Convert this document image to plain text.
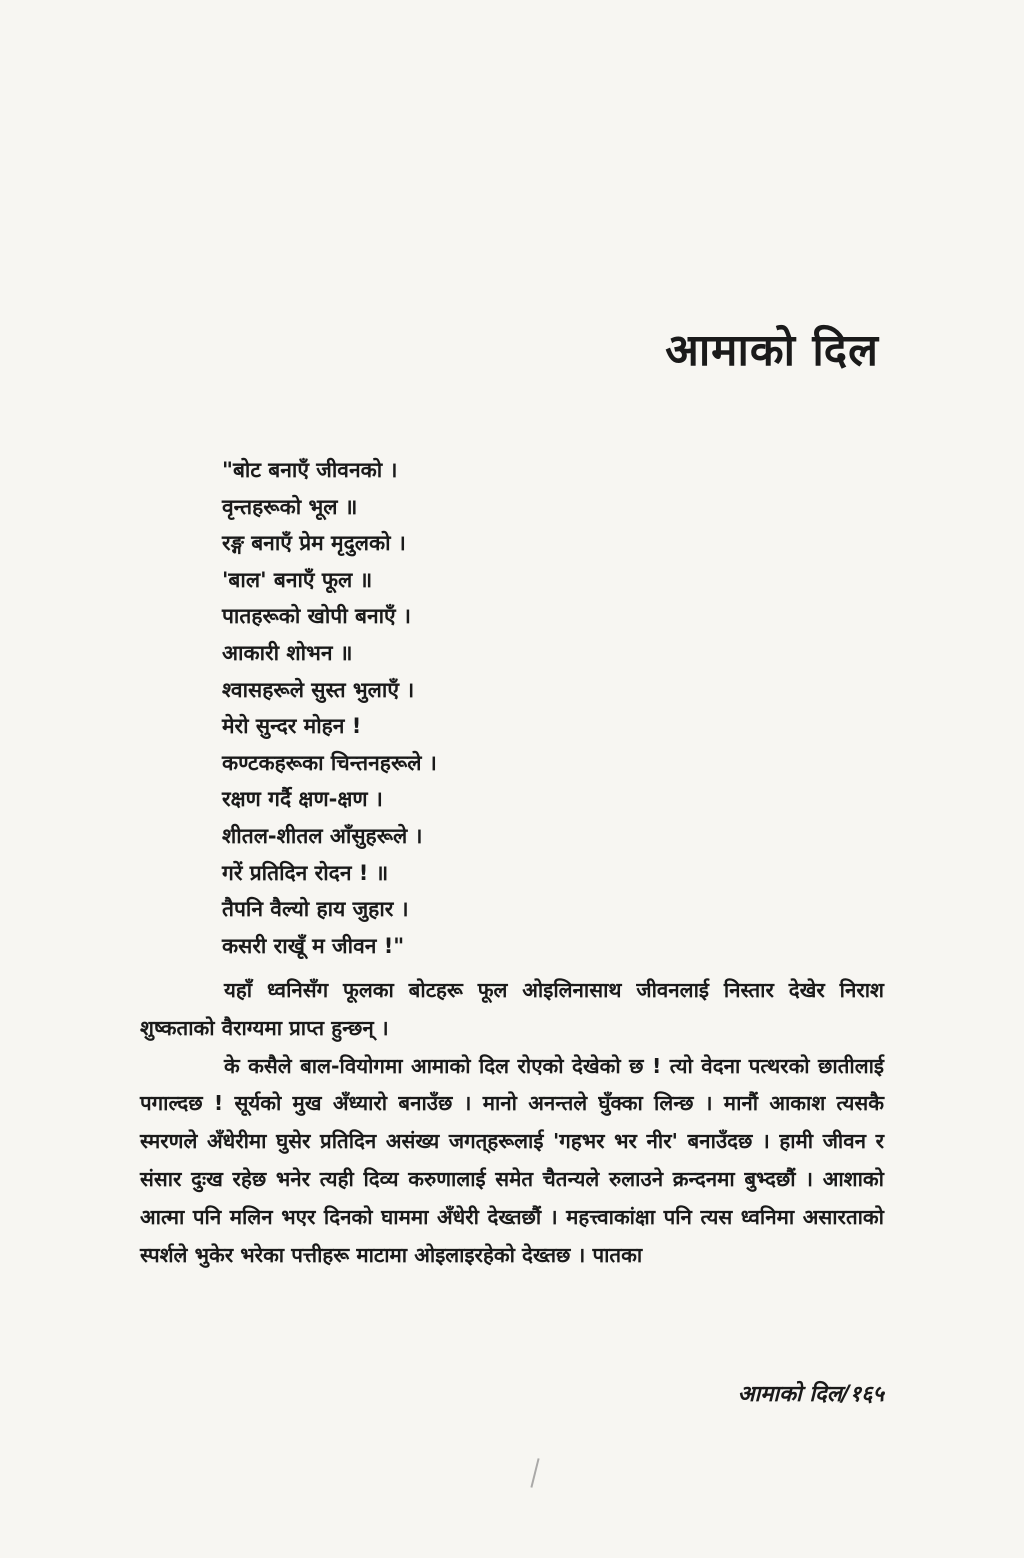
आमाको दिल
"बोट बनाएँ जीवनको ।
वृन्तहरूको भूल ॥
रङ्ग बनाएँ प्रेम मृदुलको ।
'बाल' बनाएँ फूल ॥
पातहरूको खोपी बनाएँ ।
आकारी शोभन ॥
श्वासहरूले सुस्त भुलाएँ ।
मेरो सुन्दर मोहन !
कण्टकहरूका चिन्तनहरूले ।
रक्षण गर्दै क्षण-क्षण ।
शीतल-शीतल आँसुहरूले ।
गरें प्रतिदिन रोदन ! ॥
तैपनि वैल्यो हाय जुहार ।
कसरी राखूँ म जीवन !"

यहाँ ध्वनिसँग फूलका बोटहरू फूल ओइलिनासाथ जीवनलाई निस्तार देखेर निराश शुष्कताको वैराग्यमा प्राप्त हुन्छन् ।

के कसैले बाल-वियोगमा आमाको दिल रोएको देखेको छ ! त्यो वेदना पत्थरको छातीलाई पगाल्दछ ! सूर्यको मुख अँध्यारो बनाउँछ । मानो अनन्तले घुँक्का लिन्छ । मानौं आकाश त्यसकै स्मरणले अँधेरीमा घुसेर प्रतिदिन असंख्य जगत्‌हरूलाई 'गहभर भर नीर' बनाउँदछ । हामी जीवन र संसार दुःख रहेछ भनेर त्यही दिव्य करुणालाई समेत चैतन्यले रुलाउने क्रन्दनमा बुभ्दछौं । आशाको आत्मा पनि मलिन भएर दिनको घाममा अँधेरी देख्तछौं । महत्त्वाकांक्षा पनि त्यस ध्वनिमा असारताको स्पर्शले भुकेर भरेका पत्तीहरू माटामा ओइलाइरहेको देख्तछ । पातका

आमाको दिल/१६५
